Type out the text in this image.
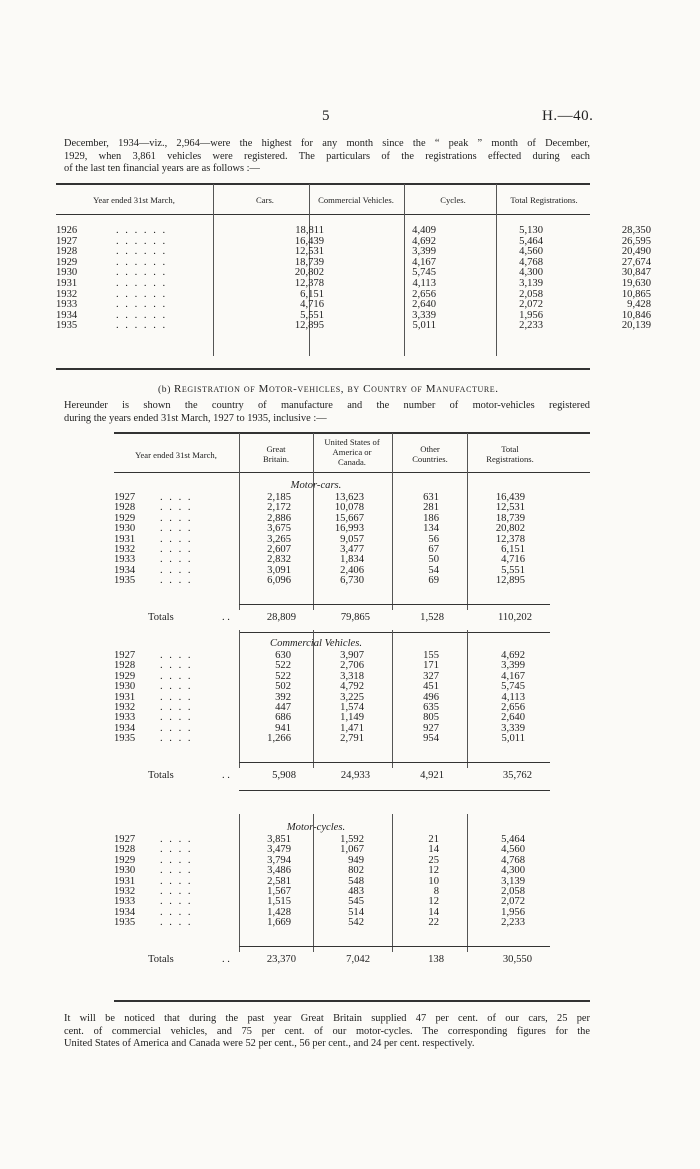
5	H.—40.
December, 1934—viz., 2,964—were the highest for any month since the “ peak ” month of December,
1929, when 3,861 vehicles were registered. The particulars of the registrations effected during each
of the last ten financial years are as follows :—
Year ended 31st March,	Cars.	Commercial Vehicles.	Cycles.	Total Registrations.
1926	. . . . . .	18,811	4,409	5,130	28,350
1927	. . . . . .	16,439	4,692	5,464	26,595
1928	. . . . . .	12,531	3,399	4,560	20,490
1929	. . . . . .	18,739	4,167	4,768	27,674
1930	. . . . . .	20,802	5,745	4,300	30,847
1931	. . . . . .	12,378	4,113	3,139	19,630
1932	. . . . . .	6,151	2,656	2,058	10,865
1933	. . . . . .	4,716	2,640	2,072	9,428
1934	. . . . . .	5,551	3,339	1,956	10,846
1935	. . . . . .	12,895	5,011	2,233	20,139
(b) Registration of Motor-vehicles, by Country of Manufacture.
Hereunder is shown the country of manufacture and the number of motor-vehicles registered
during the years ended 31st March, 1927 to 1935, inclusive :—
Year ended 31st March,
Great
Britain.
United States of
America or
Canada.
Other
Countries.
Total
Registrations.
Motor-cars.
1927	. . . .	2,185	13,623	631	16,439
1928	. . . .	2,172	10,078	281	12,531
1929	. . . .	2,886	15,667	186	18,739
1930	. . . .	3,675	16,993	134	20,802
1931	. . . .	3,265	9,057	56	12,378
1932	. . . .	2,607	3,477	67	6,151
1933	. . . .	2,832	1,834	50	4,716
1934	. . . .	3,091	2,406	54	5,551
1935	. . . .	6,096	6,730	69	12,895
Totals	. .	28,809	79,865	1,528	110,202
Commercial Vehicles.
1927	. . . .	630	3,907	155	4,692
1928	. . . .	522	2,706	171	3,399
1929	. . . .	522	3,318	327	4,167
1930	. . . .	502	4,792	451	5,745
1931	. . . .	392	3,225	496	4,113
1932	. . . .	447	1,574	635	2,656
1933	. . . .	686	1,149	805	2,640
1934	. . . .	941	1,471	927	3,339
1935	. . . .	1,266	2,791	954	5,011
Totals	. .	5,908	24,933	4,921	35,762
Motor-cycles.
1927	. . . .	3,851	1,592	21	5,464
1928	. . . .	3,479	1,067	14	4,560
1929	. . . .	3,794	949	25	4,768
1930	. . . .	3,486	802	12	4,300
1931	. . . .	2,581	548	10	3,139
1932	. . . .	1,567	483	8	2,058
1933	. . . .	1,515	545	12	2,072
1934	. . . .	1,428	514	14	1,956
1935	. . . .	1,669	542	22	2,233
Totals	. .	23,370	7,042	138	30,550
It will be noticed that during the past year Great Britain supplied 47 per cent. of our cars, 25 per
cent. of commercial vehicles, and 75 per cent. of our motor-cycles. The corresponding figures for the
United States of America and Canada were 52 per cent., 56 per cent., and 24 per cent. respectively.
